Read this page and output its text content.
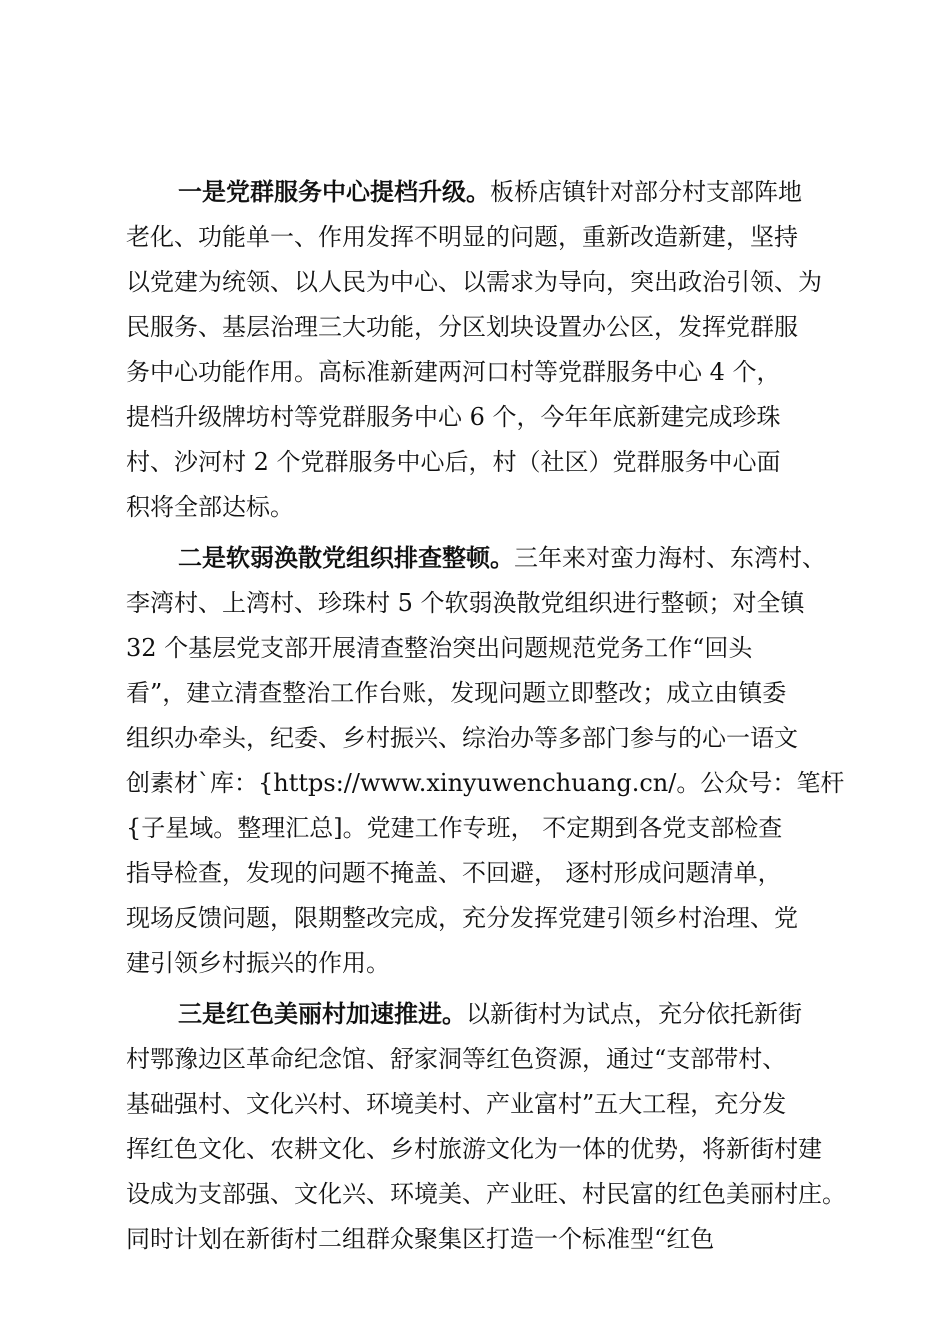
一是党群服务中心提档升级。板桥店镇针对部分村支部阵地
老化、功能单一、作用发挥不明显的问题，重新改造新建，坚持
以党建为统领、以人民为中心、以需求为导向，突出政治引领、为
民服务、基层治理三大功能，分区划块设置办公区，发挥党群服
务中心功能作用。高标准新建两河口村等党群服务中心 4 个，
提档升级牌坊村等党群服务中心 6 个，今年年底新建完成珍珠
村、沙河村 2 个党群服务中心后，村（社区）党群服务中心面
积将全部达标。
二是软弱涣散党组织排查整顿。三年来对蛮力海村、东湾村、
李湾村、上湾村、珍珠村 5 个软弱涣散党组织进行整顿；对全镇
32 个基层党支部开展清查整治突出问题规范党务工作“回头
看”，建立清查整治工作台账，发现问题立即整改；成立由镇委
组织办牵头，纪委、乡村振兴、综治办等多部门参与的心一语文
创素材`库：{https://www.xinyuwenchuang.cn/。公众号：笔杆
{子星域。整理汇总]。党建工作专班， 不定期到各党支部检查
指导检查，发现的问题不掩盖、不回避， 逐村形成问题清单，
现场反馈问题，限期整改完成，充分发挥党建引领乡村治理、党
建引领乡村振兴的作用。
三是红色美丽村加速推进。以新街村为试点，充分依托新街
村鄂豫边区革命纪念馆、舒家洞等红色资源，通过“支部带村、
基础强村、文化兴村、环境美村、产业富村”五大工程，充分发
挥红色文化、农耕文化、乡村旅游文化为一体的优势，将新街村建
设成为支部强、文化兴、环境美、产业旺、村民富的红色美丽村庄。
同时计划在新街村二组群众聚集区打造一个标准型“红色
